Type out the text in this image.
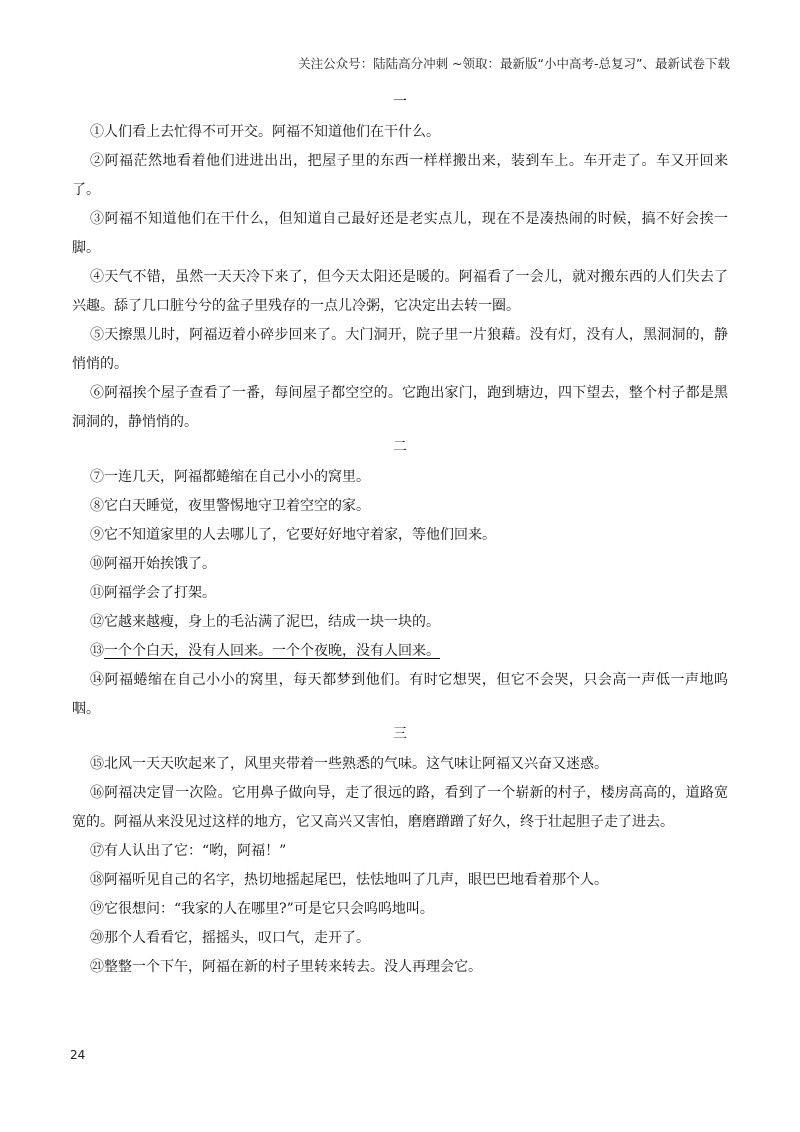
关注公众号：陆陆高分冲刺 ~领取：最新版“小中高考-总复习”、最新试卷下载
一

①人们看上去忙得不可开交。阿福不知道他们在干什么。

②阿福茫然地看着他们进进出出，把屋子里的东西一样样搬出来，装到车上。车开走了。车又开回来了。

③阿福不知道他们在干什么，但知道自己最好还是老实点儿，现在不是凑热闹的时候，搞不好会挨一脚。

④天气不错，虽然一天天冷下来了，但今天太阳还是暖的。阿福看了一会儿，就对搬东西的人们失去了兴趣。舔了几口脏兮兮的盆子里残存的一点儿冷粥，它决定出去转一圈。

⑤天擦黑儿时，阿福迈着小碎步回来了。大门洞开，院子里一片狼藉。没有灯，没有人，黑洞洞的，静悄悄的。

⑥阿福挨个屋子查看了一番，每间屋子都空空的。它跑出家门，跑到塘边，四下望去，整个村子都是黑洞洞的，静悄悄的。

二

⑦一连几天，阿福都蜷缩在自己小小的窝里。

⑧它白天睡觉，夜里警惕地守卫着空空的家。

⑨它不知道家里的人去哪儿了，它要好好地守着家，等他们回来。

⑩阿福开始挨饿了。

⑪阿福学会了打架。

⑫它越来越瘦，身上的毛沾满了泥巴，结成一块一块的。

⑬一个个白天，没有人回来。一个个夜晚，没有人回来。

⑭阿福蜷缩在自己小小的窝里，每天都梦到他们。有时它想哭，但它不会哭，只会高一声低一声地呜咽。

三

⑮北风一天天吹起来了，风里夹带着一些熟悉的气味。这气味让阿福又兴奋又迷惑。

⑯阿福决定冒一次险。它用鼻子做向导，走了很远的路，看到了一个崭新的村子，楼房高高的，道路宽宽的。阿福从来没见过这样的地方，它又高兴又害怕，磨磨蹭蹭了好久，终于壮起胆子走了进去。

⑰有人认出了它：“哟，阿福！”

⑱阿福听见自己的名字，热切地摇起尾巴，怯怯地叫了几声，眼巴巴地看着那个人。

⑲它很想问：“我家的人在哪里?”可是它只会呜呜地叫。

⑳那个人看看它，摇摇头，叹口气，走开了。

㉑整整一个下午，阿福在新的村子里转来转去。没人再理会它。

24
